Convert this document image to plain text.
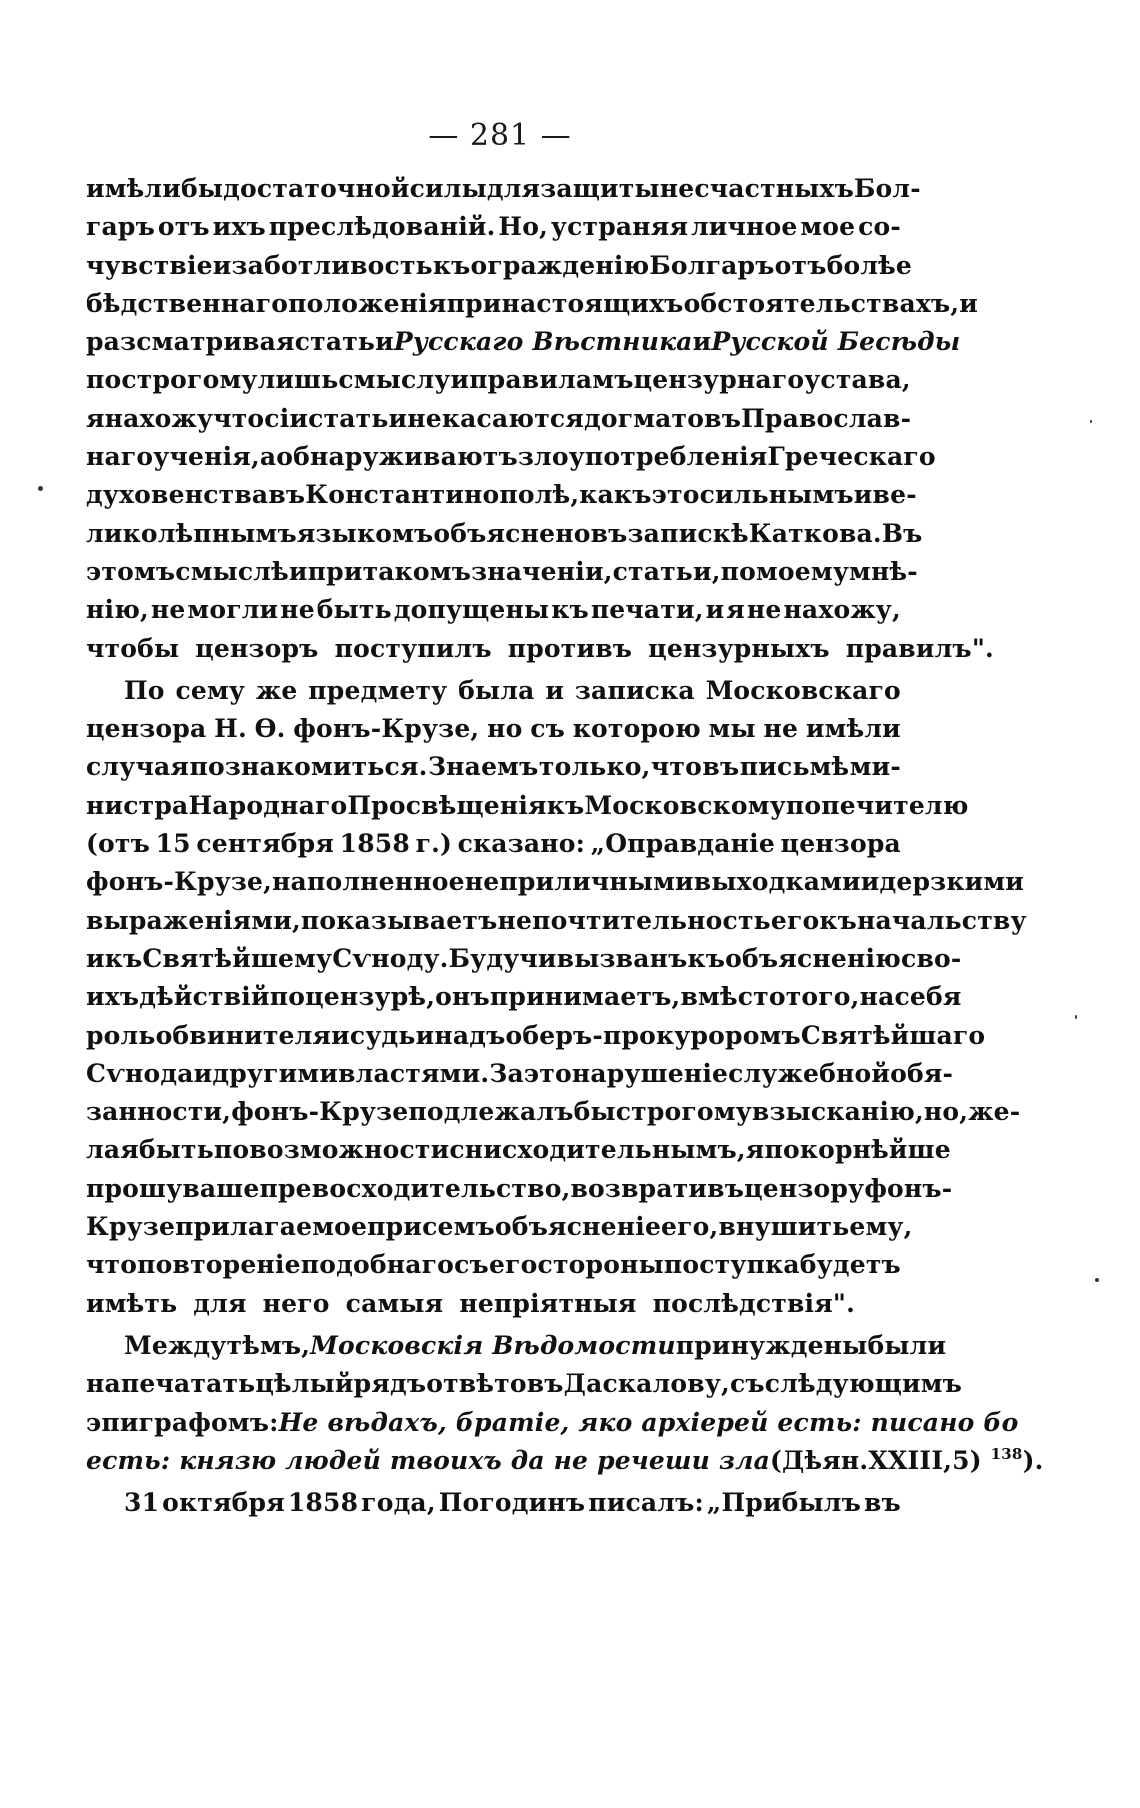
— 281 —
имѣли бы достаточной силы для защиты несчастныхъ Бол-
гаръ отъ ихъ преслѣдованій. Но, устраняя личное мое со-
чувствіе и заботливость къ огражденію Болгаръ отъ болѣе
бѣдственнаго положенія при настоящихъ обстоятельствахъ, и
разсматривая статьи Русскаго Вѣстника и Русской Бесѣды
по строгому лишь смыслу и правиламъ цензурнаго устава,
я нахожу что сіи статьи не касаются догматовъ Православ-
наго ученія, а обнаруживаютъ злоупотребленія Греческаго
духовенства въ Константинополѣ, какъ это сильнымъ и ве-
ликолѣпнымъ языкомъ объяснено въ запискѣ Каткова. Въ
этомъ смыслѣ и при такомъ значеніи, статьи, по моему мнѣ-
нію, не могли не быть допущены къ печати, и я не нахожу,
чтобы цензоръ поступилъ противъ цензурныхъ правилъ".
По сему же предмету была и записка Московскаго
цензора Н. Ѳ. фонъ-Крузе, но съ которою мы не имѣли
случая познакомиться. Знаемъ только, что въ письмѣ ми-
нистра Народнаго Просвѣщенія къ Московскому попечителю
(отъ 15 сентября 1858 г.) сказано: „Оправданіе цензора
фонъ-Крузе, наполненное неприличными выходками и дерзкими
выраженіями, показываетъ непочтительность его къ начальству
и къ Святѣйшему Сѵноду. Будучи вызванъ къ объясненію сво-
ихъ дѣйствій по цензурѣ, онъ принимаетъ, вмѣсто того, на себя
роль обвинителя и судьи надъ оберъ-прокуроромъ Святѣйшаго
Сѵнода и другими властями. За это нарушеніе служебной обя-
занности, фонъ-Крузе подлежалъ бы строгому взысканію, но, же-
лая быть по возможности снисходительнымъ, я покорнѣйше
прошу ваше превосходительство, возвративъ цензору фонъ-
Крузе прилагаемое при семъ объясненіе его, внушить ему,
что повтореніе подобнаго съ его стороны поступка будетъ
имѣть для него самыя непріятныя послѣдствія".
Между тѣмъ, Московскія Вѣдомости принуждены были
напечатать цѣлый рядъ отвѣтовъ Даскалову, съ слѣдующимъ
эпиграфомъ: Не вѣдахъ, братіе, яко архіерей есть: писано бо
есть: князю людей твоихъ да не речеши зла (Дѣян. XXIII, 5) $^{138}$).
31 октября 1858 года, Погодинъ писалъ: „Прибылъ въ
